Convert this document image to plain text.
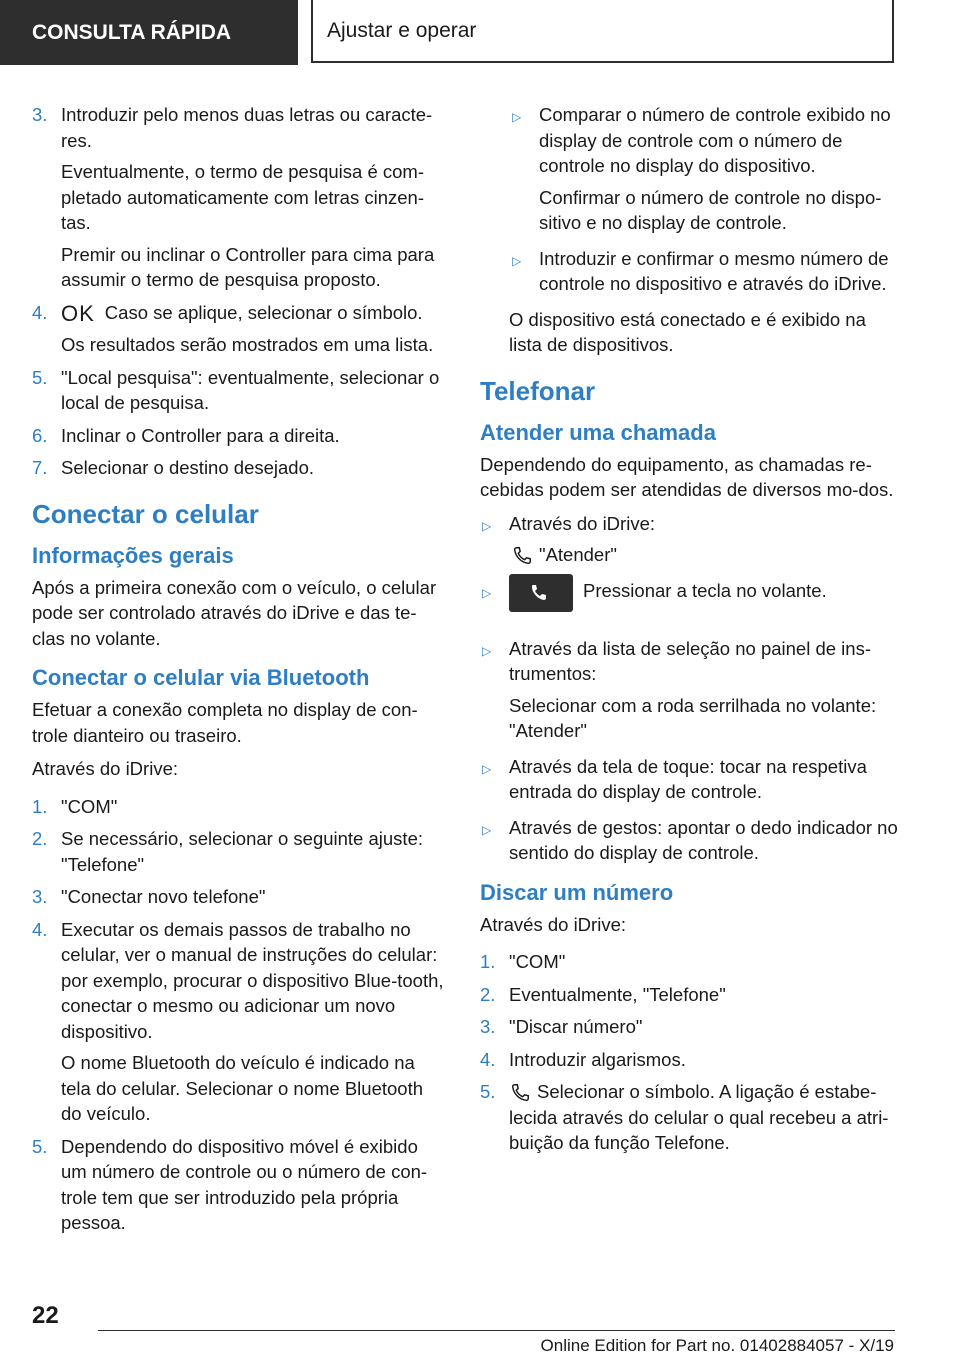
CONSULTA RÁPIDA	Ajustar e operar
3. Introduzir pelo menos duas letras ou caracte-res.

Eventualmente, o termo de pesquisa é com-pletado automaticamente com letras cinzen-tas.

Premir ou inclinar o Controller para cima para assumir o termo de pesquisa proposto.

4. OK Caso se aplique, selecionar o símbolo.

Os resultados serão mostrados em uma lista.

5. "Local pesquisa": eventualmente, selecionar o local de pesquisa.

6. Inclinar o Controller para a direita.

7. Selecionar o destino desejado.

Conectar o celular
Informações gerais

Após a primeira conexão com o veículo, o celular pode ser controlado através do iDrive e das te-clas no volante.

Conectar o celular via Bluetooth

Efetuar a conexão completa no display de con-trole dianteiro ou traseiro.

Através do iDrive:

1. "COM"

2. Se necessário, selecionar o seguinte ajuste: "Telefone"

3. "Conectar novo telefone"

4. Executar os demais passos de trabalho no celular, ver o manual de instruções do celular: por exemplo, procurar o dispositivo Blue-tooth, conectar o mesmo ou adicionar um novo dispositivo.

O nome Bluetooth do veículo é indicado na tela do celular. Selecionar o nome Bluetooth do veículo.

5. Dependendo do dispositivo móvel é exibido um número de controle ou o número de con-trole tem que ser introduzido pela própria pessoa.

▷ Comparar o número de controle exibido no display de controle com o número de controle no display do dispositivo.

Confirmar o número de controle no dispo-sitivo e no display de controle.

▷ Introduzir e confirmar o mesmo número de controle no dispositivo e através do iDrive.

O dispositivo está conectado e é exibido na lista de dispositivos.

Telefonar
Atender uma chamada

Dependendo do equipamento, as chamadas re-cebidas podem ser atendidas de diversos mo-dos.

▷ Através do iDrive:

"Atender"

▷	Pressionar a tecla no volante.

▷ Através da lista de seleção no painel de ins-trumentos:

Selecionar com a roda serrilhada no volante: "Atender"

▷ Através da tela de toque: tocar na respetiva entrada do display de controle.

▷ Através de gestos: apontar o dedo indicador no sentido do display de controle.

Discar um número

Através do iDrive:

1. "COM"

2. Eventualmente, "Telefone"

3. "Discar número"

4. Introduzir algarismos.

5.	Selecionar o símbolo. A ligação é estabe-lecida através do celular o qual recebeu a atri-buição da função Telefone.

22
Online Edition for Part no. 01402884057 - X/19
